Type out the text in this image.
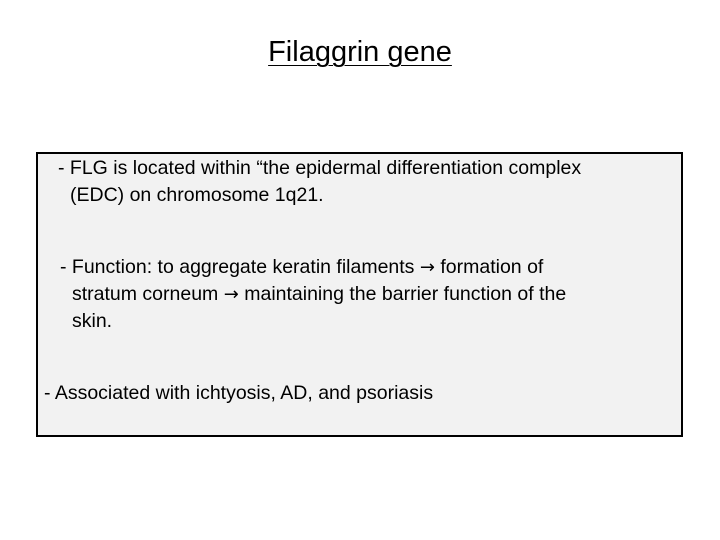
Filaggrin gene
- FLG is located within “the epidermal differentiation complex
(EDC) on chromosome 1q21.
- Function: to aggregate keratin filaments → formation of
stratum corneum → maintaining the barrier function of the
skin.
- Associated with ichtyosis, AD, and psoriasis
